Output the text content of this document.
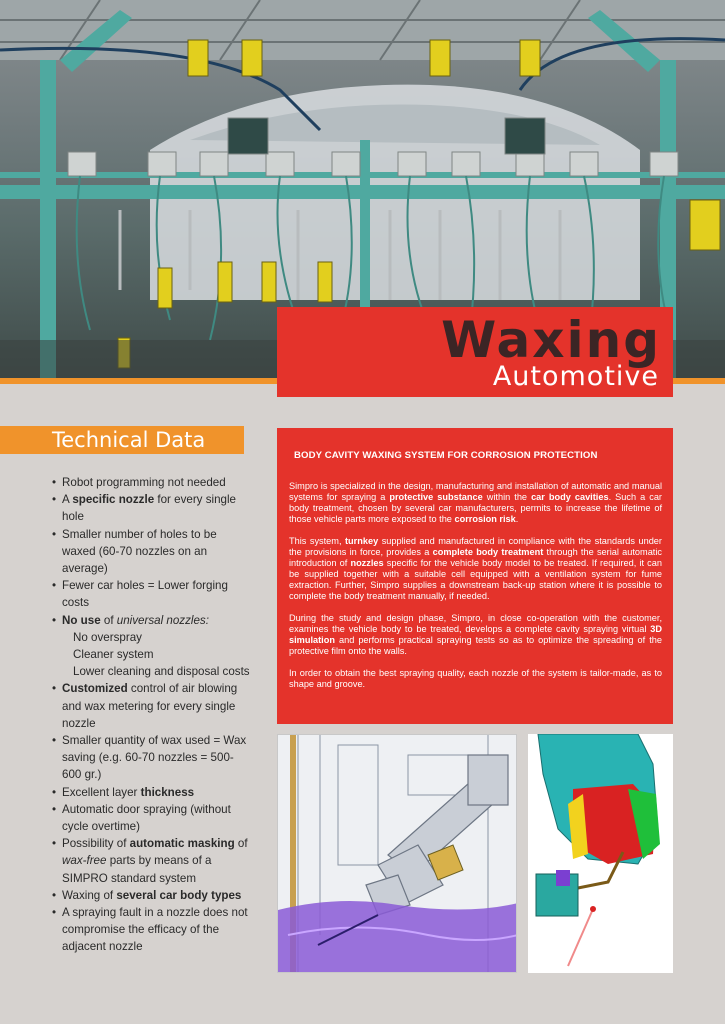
Waxing
Automotive
Technical Data
• Robot programming not needed
• A specific nozzle for every single hole
• Smaller number of holes to be waxed (60-70 nozzles on an average)
• Fewer car holes = Lower forging costs
• No use of universal nozzles:
No overspray
Cleaner system
Lower cleaning and disposal costs
• Customized control of air blowing and wax metering for every single nozzle
• Smaller quantity of wax used = Wax saving (e.g. 60-70 nozzles = 500-600 gr.)
• Excellent layer thickness
• Automatic door spraying (without cycle overtime)
• Possibility of automatic masking of wax-free parts by means of a SIMPRO standard system
• Waxing of several car body types
• A spraying fault in a nozzle does not compromise the efficacy of the adjacent nozzle
BODY CAVITY WAXING SYSTEM FOR CORROSION PROTECTION

Simpro is specialized in the design, manufacturing and installation of automatic and manual systems for spraying a protective substance within the car body cavities. Such a car body treatment, chosen by several car manufacturers, permits to increase the lifetime of those vehicle parts more exposed to the corrosion risk.

This system, turnkey supplied and manufactured in compliance with the standards under the provisions in force, provides a complete body treatment through the serial automatic introduction of nozzles specific for the vehicle body model to be treated. If required, it can be supplied together with a suitable cell equipped with a ventilation system for fume extraction. Further, Simpro supplies a downstream back-up station where it is possible to complete the body treatment manually, if needed.

During the study and design phase, Simpro, in close co-operation with the customer, examines the vehicle body to be treated, develops a complete cavity spraying virtual 3D simulation and performs practical spraying tests so as to optimize the spreading of the protective film onto the walls.

In order to obtain the best spraying quality, each nozzle of the system is tailor-made, as to shape and groove.
